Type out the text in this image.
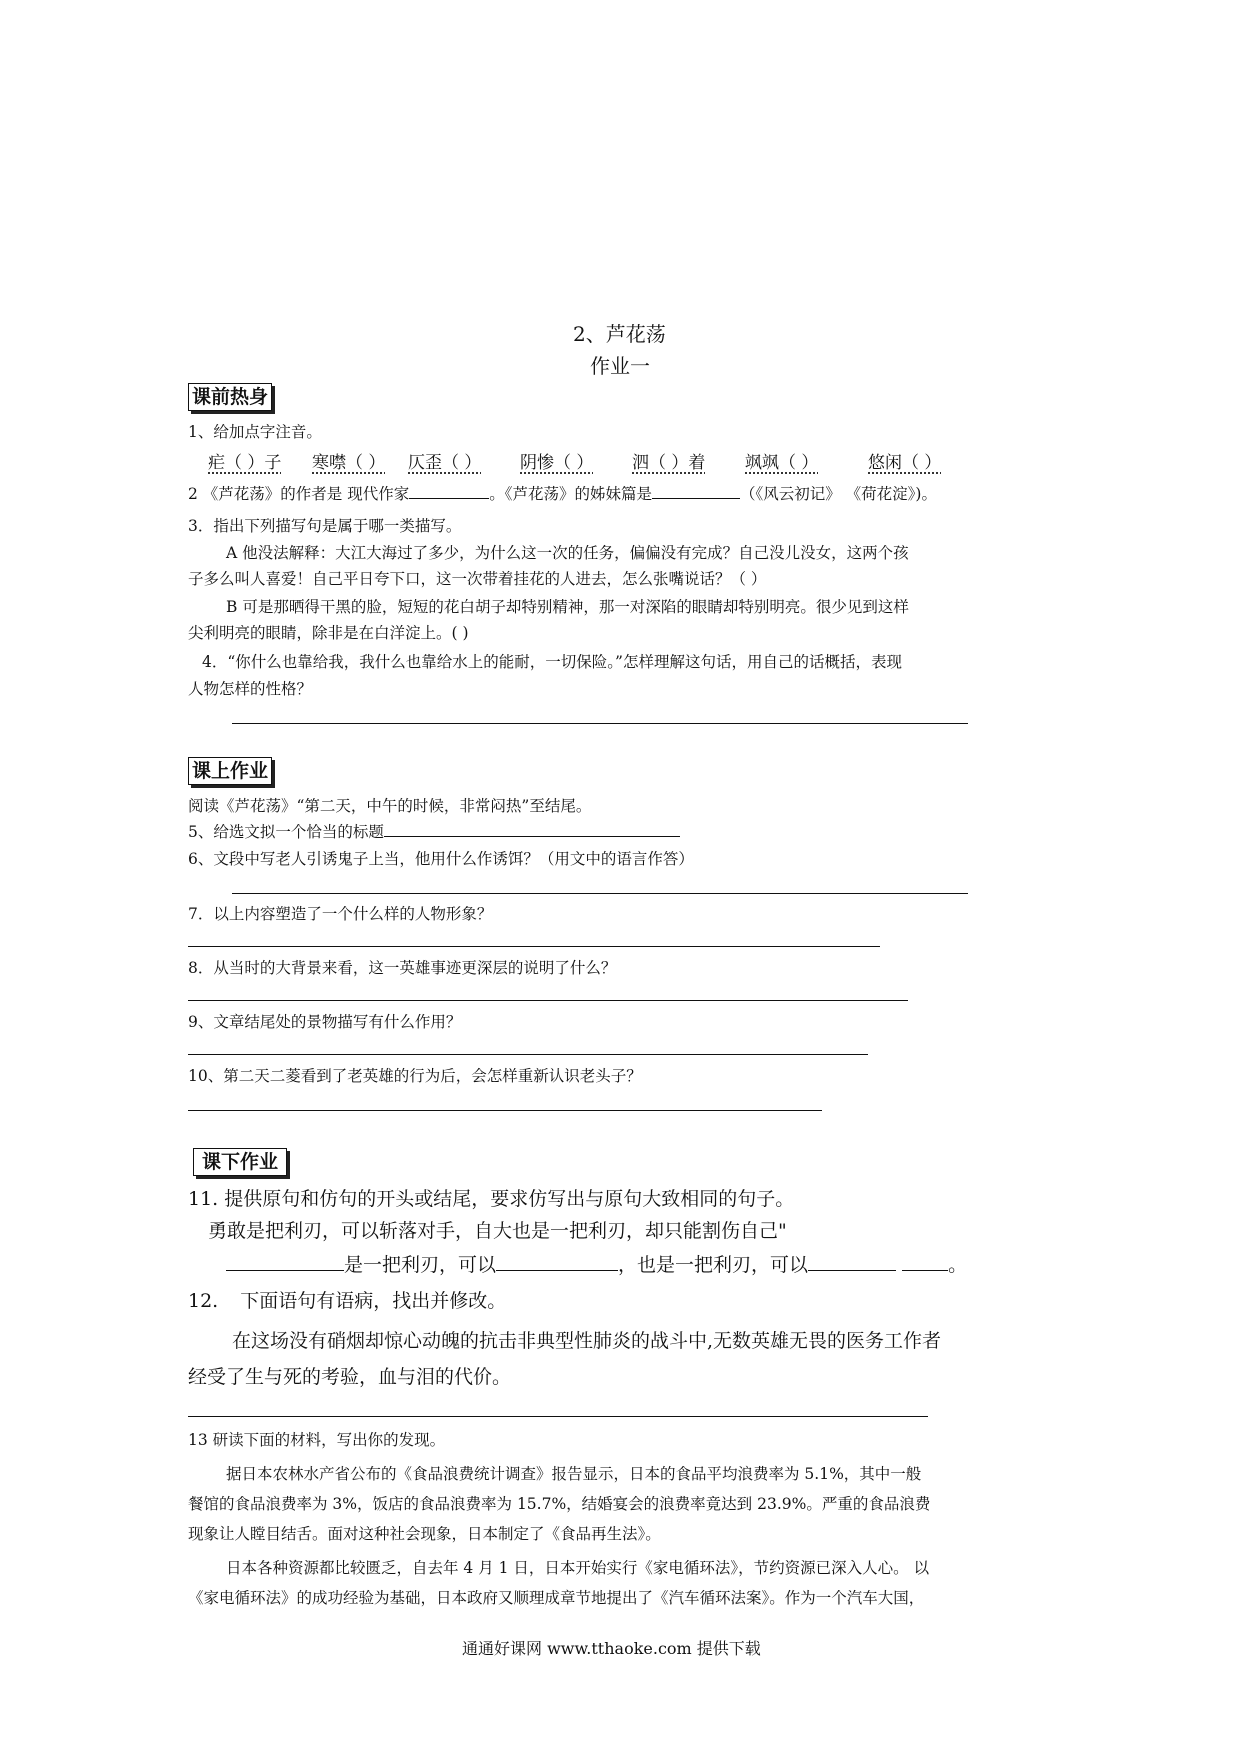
2、芦花荡
作业一
课前热身
1、给加点字注音。
疟（ ）子 寒噤（ ） 仄歪（ ） 阴惨（ ） 泗（ ）着 飒飒（ ）	悠闲（ ）
2 《芦花荡》的作者是 现代作家	。《芦花荡》的姊妹篇是	（《风云初记》 《荷花淀》)。
3．指出下列描写句是属于哪一类描写。
A 他没法解释：大江大海过了多少，为什么这一次的任务，偏偏没有完成？自己没儿没女，这两个孩
子多么叫人喜爱！自己平日夸下口，这一次带着挂花的人进去，怎么张嘴说话？（ ）
B 可是那晒得干黑的脸，短短的花白胡子却特别精神，那一对深陷的眼睛却特别明亮。很少见到这样
尖利明亮的眼睛，除非是在白洋淀上。( )
4．“你什么也靠给我，我什么也靠给水上的能耐，一切保险。”怎样理解这句话，用自己的话概括，表现
人物怎样的性格？
课上作业
阅读《芦花荡》“第二天，中午的时候，非常闷热”至结尾。
5、给选文拟一个恰当的标题
6、文段中写老人引诱鬼子上当，他用什么作诱饵？（用文中的语言作答）
7．以上内容塑造了一个什么样的人物形象？
8．从当时的大背景来看，这一英雄事迹更深层的说明了什么？
9、文章结尾处的景物描写有什么作用？
10、第二天二菱看到了老英雄的行为后，会怎样重新认识老头子？
课下作业
11. 提供原句和仿句的开头或结尾，要求仿写出与原句大致相同的句子。
勇敢是把利刃，可以斩落对手，自大也是一把利刃，却只能割伤自己"
是一把利刃，可以	，也是一把利刃，可以	。
12. 下面语句有语病，找出并修改。
在这场没有硝烟却惊心动魄的抗击非典型性肺炎的战斗中,无数英雄无畏的医务工作者
经受了生与死的考验，血与泪的代价。
13 研读下面的材料，写出你的发现。
据日本农林水产省公布的《食品浪费统计调查》报告显示，日本的食品平均浪费率为 5.1%，其中一般
餐馆的食品浪费率为 3%，饭店的食品浪费率为 15.7%，结婚宴会的浪费率竟达到 23.9%。严重的食品浪费
现象让人瞠目结舌。面对这种社会现象，日本制定了《食品再生法》。
日本各种资源都比较匮乏，自去年 4 月 1 日，日本开始实行《家电循环法》，节约资源已深入人心。 以
《家电循环法》的成功经验为基础，日本政府又顺理成章节地提出了《汽车循环法案》。作为一个汽车大国，
通通好课网 www.tthaoke.com 提供下载
